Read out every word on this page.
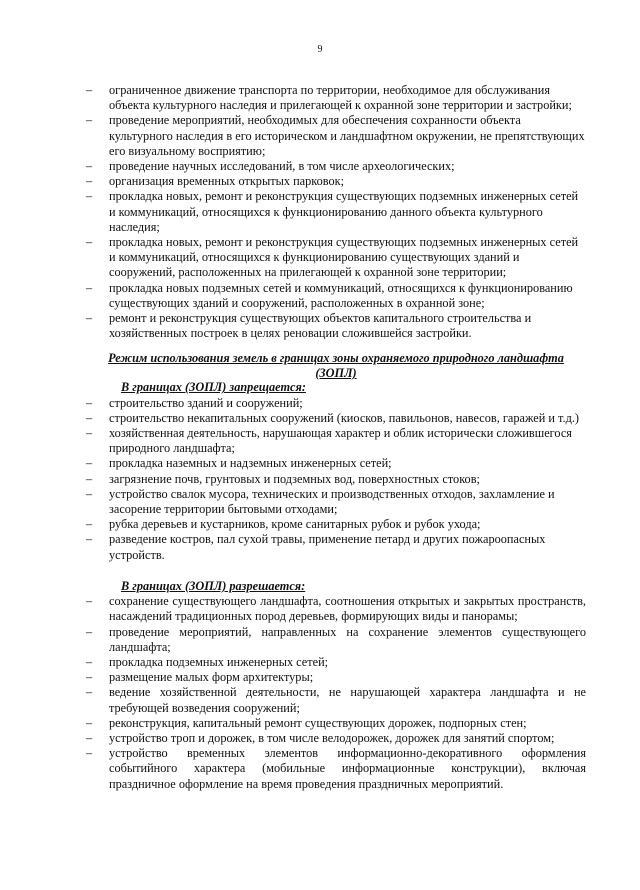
9
– ограниченное движение транспорта по территории, необходимое для обслуживания объекта культурного наследия и прилегающей к охранной зоне территории и застройки;
– проведение мероприятий, необходимых для обеспечения сохранности объекта культурного наследия в его историческом и ландшафтном окружении, не препятствующих его визуальному восприятию;
– проведение научных исследований, в том числе археологических;
– организация временных открытых парковок;
– прокладка новых, ремонт и реконструкция существующих подземных инженерных сетей и коммуникаций, относящихся к функционированию данного объекта культурного наследия;
– прокладка новых, ремонт и реконструкция существующих подземных инженерных сетей и коммуникаций, относящихся к функционированию существующих зданий и сооружений, расположенных на прилегающей к охранной зоне территории;
– прокладка новых подземных сетей и коммуникаций, относящихся к функционированию существующих зданий и сооружений, расположенных в охранной зоне;
– ремонт и реконструкция существующих объектов капитального строительства и хозяйственных построек в целях реновации сложившейся застройки.
Режим использования земель в границах зоны охраняемого природного ландшафта (ЗОПЛ)
В границах (ЗОПЛ) запрещается:
– строительство зданий и сооружений;
– строительство некапитальных сооружений (киосков, павильонов, навесов, гаражей и т.д.)
– хозяйственная деятельность, нарушающая характер и облик исторически сложившегося природного ландшафта;
– прокладка наземных и надземных инженерных сетей;
– загрязнение почв, грунтовых и подземных вод, поверхностных стоков;
– устройство свалок мусора, технических и производственных отходов, захламление и засорение территории бытовыми отходами;
– рубка деревьев и кустарников, кроме санитарных рубок и рубок ухода;
– разведение костров, пал сухой травы, применение петард и других пожароопасных устройств.
В границах (ЗОПЛ) разрешается:
– сохранение существующего ландшафта, соотношения открытых и закрытых пространств, насаждений традиционных пород деревьев, формирующих виды и панорамы;
– проведение мероприятий, направленных на сохранение элементов существующего ландшафта;
– прокладка подземных инженерных сетей;
– размещение малых форм архитектуры;
– ведение хозяйственной деятельности, не нарушающей характера ландшафта и не требующей возведения сооружений;
– реконструкция, капитальный ремонт существующих дорожек, подпорных стен;
– устройство троп и дорожек, в том числе велодорожек, дорожек для занятий спортом;
– устройство временных элементов информационно-декоративного оформления событийного характера (мобильные информационные конструкции), включая праздничное оформление на время проведения праздничных мероприятий.
